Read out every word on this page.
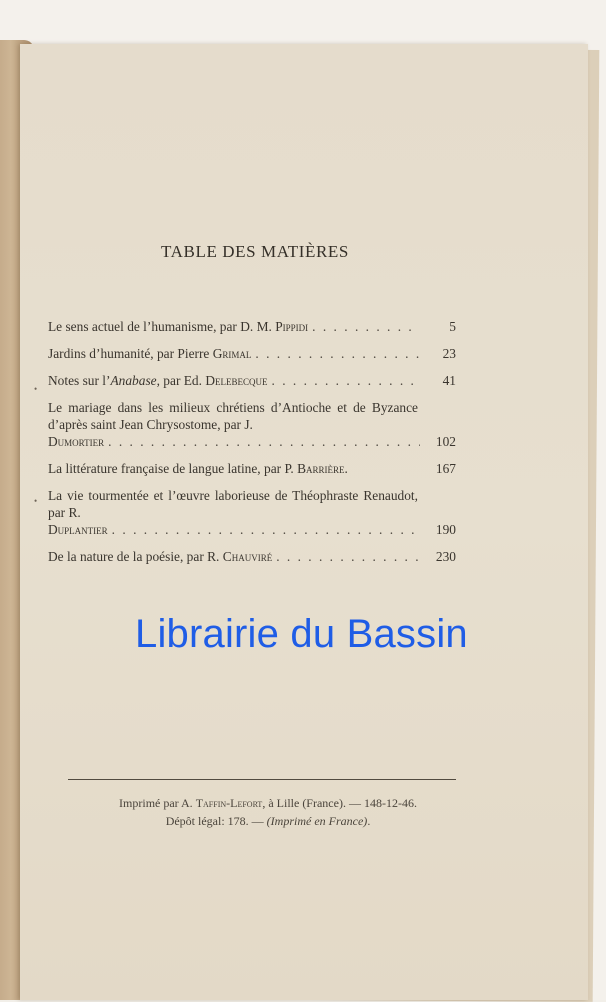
TABLE DES MATIÈRES
Le sens actuel de l’humanisme, par D. M. Pippidi . . .	5
Jardins d’humanité, par Pierre Grimal . . .	23
Notes sur l’Anabase, par Ed. Delebecque . . .	41
Le mariage dans les milieux chrétiens d’Antioche et de Byzance d’après saint Jean Chrysostome, par J.
Dumortier . . .	102
La littérature française de langue latine, par P. Barrière.	167
La vie tourmentée et l’œuvre laborieuse de Théophraste Renaudot, par R.
Duplantier . . .	190
De la nature de la poésie, par R. Chauviré . . .	230
•
•
Imprimé par A. Taffin-Lefort, à Lille (France). — 148-12-46.
Dépôt légal: 178. — (Imprimé en France).
Librairie du Bassin
